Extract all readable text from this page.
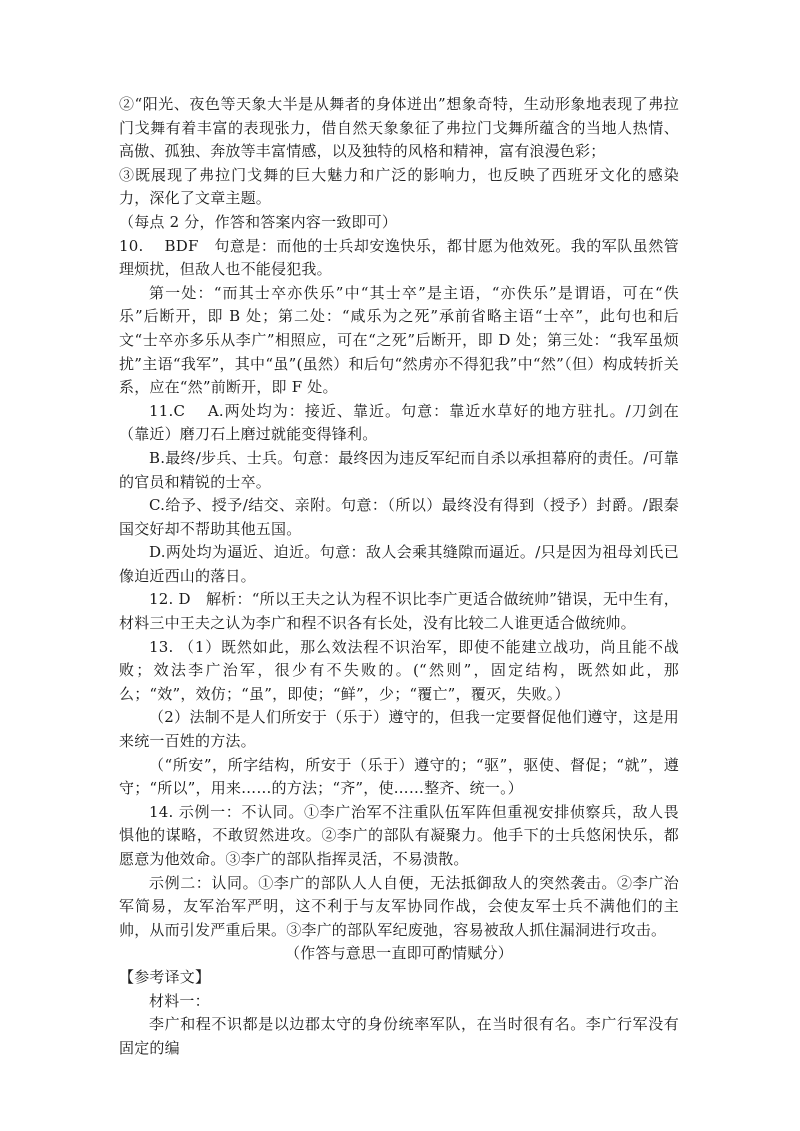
②“阳光、夜色等天象大半是从舞者的身体迸出”想象奇特，生动形象地表现了弗拉门戈舞有着丰富的表现张力，借自然天象象征了弗拉门戈舞所蕴含的当地人热情、高傲、孤独、奔放等丰富情感，以及独特的风格和精神，富有浪漫色彩；

③既展现了弗拉门戈舞的巨大魅力和广泛的影响力，也反映了西班牙文化的感染力，深化了文章主题。

（每点 2 分，作答和答案内容一致即可）

10.　 BDF　句意是：而他的士兵却安逸快乐，都甘愿为他效死。我的军队虽然管理烦扰，但敌人也不能侵犯我。

第一处：“而其士卒亦佚乐”中“其士卒”是主语，“亦佚乐”是谓语，可在“佚乐”后断开，即 B 处；第二处：“咸乐为之死”承前省略主语“士卒”，此句也和后文“士卒亦多乐从李广”相照应，可在“之死”后断开，即 D 处；第三处：“我军虽烦扰”主语“我军”，其中“虽”(虽然）和后句“然虏亦不得犯我”中“然”（但）构成转折关系，应在“然”前断开，即 F 处。

11.C　 A.两处均为：接近、靠近。句意：靠近水草好的地方驻扎。/刀剑在（靠近）磨刀石上磨过就能变得锋利。

B.最终/步兵、士兵。句意：最终因为违反军纪而自杀以承担幕府的责任。/可靠的官员和精锐的士卒。

C.给予、授予/结交、亲附。句意：（所以）最终没有得到（授予）封爵。/跟秦国交好却不帮助其他五国。

D.两处均为逼近、迫近。句意：敌人会乘其缝隙而逼近。/只是因为祖母刘氏已像迫近西山的落日。

12. D　解析：“所以王夫之认为程不识比李广更适合做统帅”错误，无中生有，材料三中王夫之认为李广和程不识各有长处，没有比较二人谁更适合做统帅。

13. （1）既然如此，那么效法程不识治军，即使不能建立战功，尚且能不战败；效法李广治军，很少有不失败的。(“然则”，固定结构，既然如此，那么；“效”，效仿；“虽”，即使；“鲜”，少；“覆亡”，覆灭，失败。）

（2）法制不是人们所安于（乐于）遵守的，但我一定要督促他们遵守，这是用来统一百姓的方法。

（“所安”，所字结构，所安于（乐于）遵守的；“驱”，驱使、督促；“就”，遵守；“所以”，用来……的方法；“齐”，使……整齐、统一。）

14. 示例一：不认同。①李广治军不注重队伍军阵但重视安排侦察兵，敌人畏惧他的谋略，不敢贸然进攻。②李广的部队有凝聚力。他手下的士兵悠闲快乐，都愿意为他效命。③李广的部队指挥灵活，不易溃散。

示例二：认同。①李广的部队人人自便，无法抵御敌人的突然袭击。②李广治军简易，友军治军严明，这不利于与友军协同作战，会使友军士兵不满他们的主帅，从而引发严重后果。③李广的部队军纪废弛，容易被敌人抓住漏洞进行攻击。

（作答与意思一直即可酌情赋分）

【参考译文】

材料一：

李广和程不识都是以边郡太守的身份统率军队，在当时很有名。李广行军没有固定的编
